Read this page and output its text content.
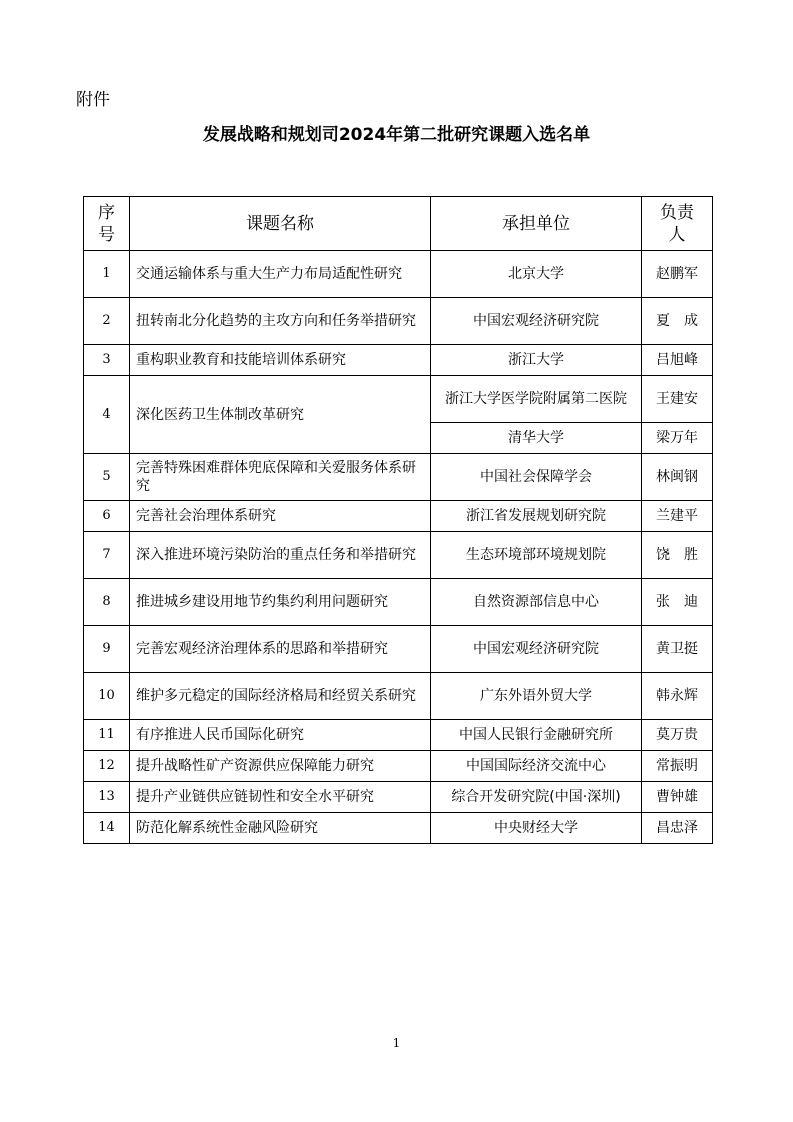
附件
发展战略和规划司2024年第二批研究课题入选名单
序号	课题名称	承担单位	负责人
1	交通运输体系与重大生产力布局适配性研究	北京大学	赵鹏军
2	扭转南北分化趋势的主攻方向和任务举措研究	中国宏观经济研究院	夏　成
3	重构职业教育和技能培训体系研究	浙江大学	吕旭峰
4	深化医药卫生体制改革研究	浙江大学医学院附属第二医院	王建安
		清华大学	梁万年
5	完善特殊困难群体兜底保障和关爱服务体系研究	中国社会保障学会	林闽钢
6	完善社会治理体系研究	浙江省发展规划研究院	兰建平
7	深入推进环境污染防治的重点任务和举措研究	生态环境部环境规划院	饶　胜
8	推进城乡建设用地节约集约利用问题研究	自然资源部信息中心	张　迪
9	完善宏观经济治理体系的思路和举措研究	中国宏观经济研究院	黄卫挺
10	维护多元稳定的国际经济格局和经贸关系研究	广东外语外贸大学	韩永辉
11	有序推进人民币国际化研究	中国人民银行金融研究所	莫万贵
12	提升战略性矿产资源供应保障能力研究	中国国际经济交流中心	常振明
13	提升产业链供应链韧性和安全水平研究	综合开发研究院(中国·深圳)	曹钟雄
14	防范化解系统性金融风险研究	中央财经大学	昌忠泽
1
